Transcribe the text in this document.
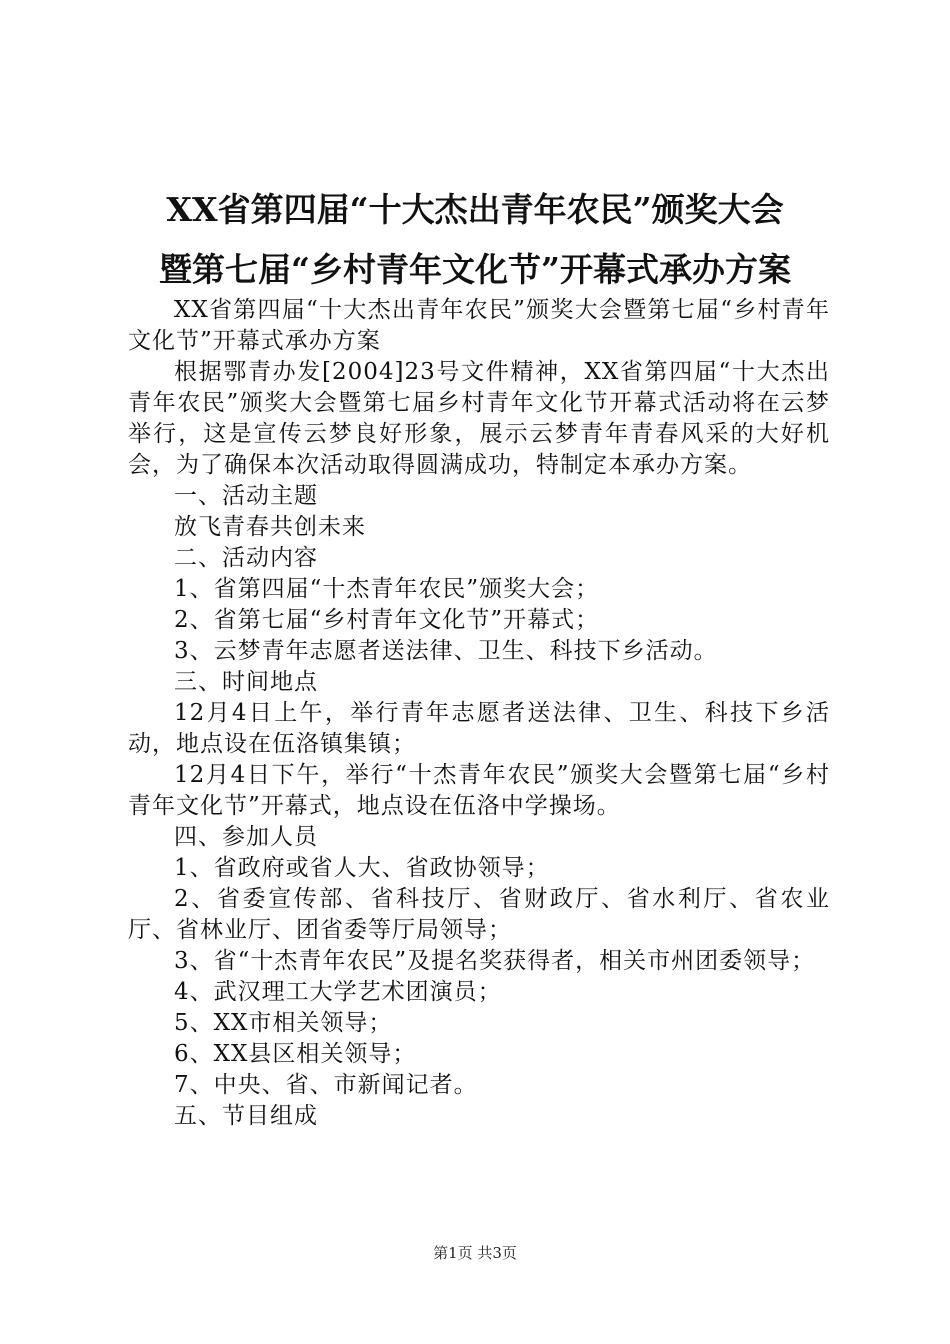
XX省第四届“十大杰出青年农民”颁奖大会
暨第七届“乡村青年文化节”开幕式承办方案

XX省第四届“十大杰出青年农民”颁奖大会暨第七届“乡村青年文化节”开幕式承办方案

根据鄂青办发[2004]23号文件精神，XX省第四届“十大杰出青年农民”颁奖大会暨第七届乡村青年文化节开幕式活动将在云梦举行，这是宣传云梦良好形象，展示云梦青年青春风采的大好机会，为了确保本次活动取得圆满成功，特制定本承办方案。

一、活动主题

放飞青春共创未来

二、活动内容

1、省第四届“十杰青年农民”颁奖大会；

2、省第七届“乡村青年文化节”开幕式；

3、云梦青年志愿者送法律、卫生、科技下乡活动。

三、时间地点

12月4日上午，举行青年志愿者送法律、卫生、科技下乡活动，地点设在伍洛镇集镇；

12月4日下午，举行“十杰青年农民”颁奖大会暨第七届“乡村青年文化节”开幕式，地点设在伍洛中学操场。

四、参加人员

1、省政府或省人大、省政协领导；

2、省委宣传部、省科技厅、省财政厅、省水利厅、省农业厅、省林业厅、团省委等厅局领导；

3、省“十杰青年农民”及提名奖获得者，相关市州团委领导；

4、武汉理工大学艺术团演员；

5、XX市相关领导；

6、XX县区相关领导；

7、中央、省、市新闻记者。

五、节目组成

第1页 共3页
